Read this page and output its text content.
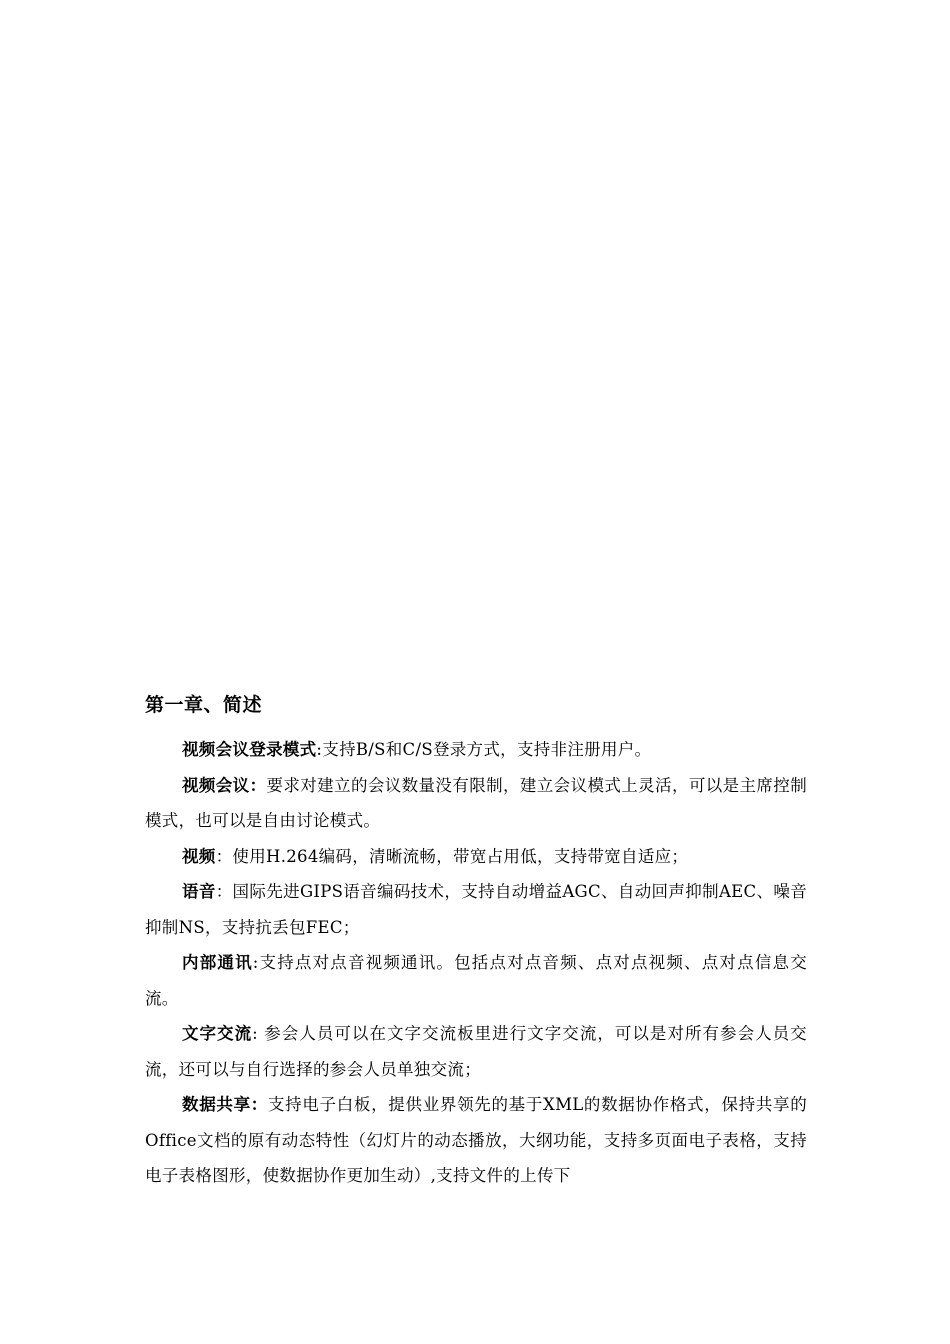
第一章、简述

视频会议登录模式:支持B/S和C/S登录方式，支持非注册用户。

视频会议：要求对建立的会议数量没有限制，建立会议模式上灵活，可以是主席控制模式，也可以是自由讨论模式。

视频：使用H.264编码，清晰流畅，带宽占用低，支持带宽自适应；

语音：国际先进GIPS语音编码技术，支持自动增益AGC、自动回声抑制AEC、噪音抑制NS，支持抗丢包FEC；

内部通讯:支持点对点音视频通讯。包括点对点音频、点对点视频、点对点信息交流。

文字交流: 参会人员可以在文字交流板里进行文字交流，可以是对所有参会人员交流，还可以与自行选择的参会人员单独交流；

数据共享：支持电子白板，提供业界领先的基于XML的数据协作格式，保持共享的Office文档的原有动态特性（幻灯片的动态播放，大纲功能，支持多页面电子表格，支持电子表格图形，使数据协作更加生动）,支持文件的上传下
